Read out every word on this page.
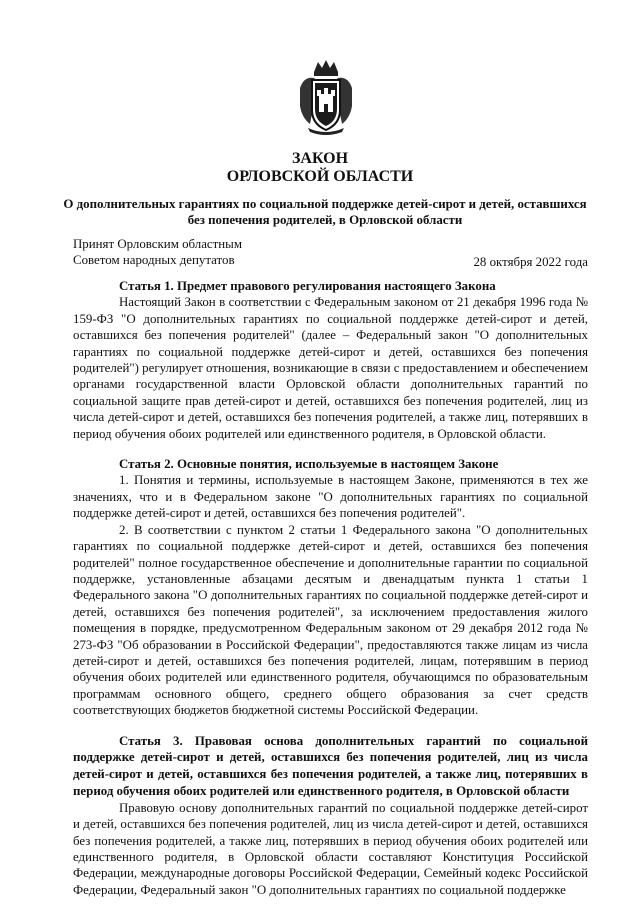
ЗАКОН
ОРЛОВСКОЙ ОБЛАСТИ
О дополнительных гарантиях по социальной поддержке детей-сирот и детей, оставшихся без попечения родителей, в Орловской области
Принят Орловским областным
Советом народных депутатов	28 октября 2022 года
Статья 1. Предмет правового регулирования настоящего Закона

Настоящий Закон в соответствии с Федеральным законом от 21 декабря 1996 года № 159-ФЗ "О дополнительных гарантиях по социальной поддержке детей-сирот и детей, оставшихся без попечения родителей" (далее – Федеральный закон "О дополнительных гарантиях по социальной поддержке детей-сирот и детей, оставшихся без попечения родителей") регулирует отношения, возникающие в связи с предоставлением и обеспечением органами государственной власти Орловской области дополнительных гарантий по социальной защите прав детей-сирот и детей, оставшихся без попечения родителей, лиц из числа детей-сирот и детей, оставшихся без попечения родителей, а также лиц, потерявших в период обучения обоих родителей или единственного родителя, в Орловской области.

Статья 2. Основные понятия, используемые в настоящем Законе

1. Понятия и термины, используемые в настоящем Законе, применяются в тех же значениях, что и в Федеральном законе "О дополнительных гарантиях по социальной поддержке детей-сирот и детей, оставшихся без попечения родителей".

2. В соответствии с пунктом 2 статьи 1 Федерального закона "О дополнительных гарантиях по социальной поддержке детей-сирот и детей, оставшихся без попечения родителей" полное государственное обеспечение и дополнительные гарантии по социальной поддержке, установленные абзацами десятым и двенадцатым пункта 1 статьи 1 Федерального закона "О дополнительных гарантиях по социальной поддержке детей-сирот и детей, оставшихся без попечения родителей", за исключением предоставления жилого помещения в порядке, предусмотренном Федеральным законом от 29 декабря 2012 года № 273-ФЗ "Об образовании в Российской Федерации", предоставляются также лицам из числа детей-сирот и детей, оставшихся без попечения родителей, лицам, потерявшим в период обучения обоих родителей или единственного родителя, обучающимся по образовательным программам основного общего, среднего общего образования за счет средств соответствующих бюджетов бюджетной системы Российской Федерации.

Статья 3. Правовая основа дополнительных гарантий по социальной поддержке детей-сирот и детей, оставшихся без попечения родителей, лиц из числа детей-сирот и детей, оставшихся без попечения родителей, а также лиц, потерявших в период обучения обоих родителей или единственного родителя, в Орловской области

Правовую основу дополнительных гарантий по социальной поддержке детей-сирот и детей, оставшихся без попечения родителей, лиц из числа детей-сирот и детей, оставшихся без попечения родителей, а также лиц, потерявших в период обучения обоих родителей или единственного родителя, в Орловской области составляют Конституция Российской Федерации, международные договоры Российской Федерации, Семейный кодекс Российской Федерации, Федеральный закон "О дополнительных гарантиях по социальной поддержке
